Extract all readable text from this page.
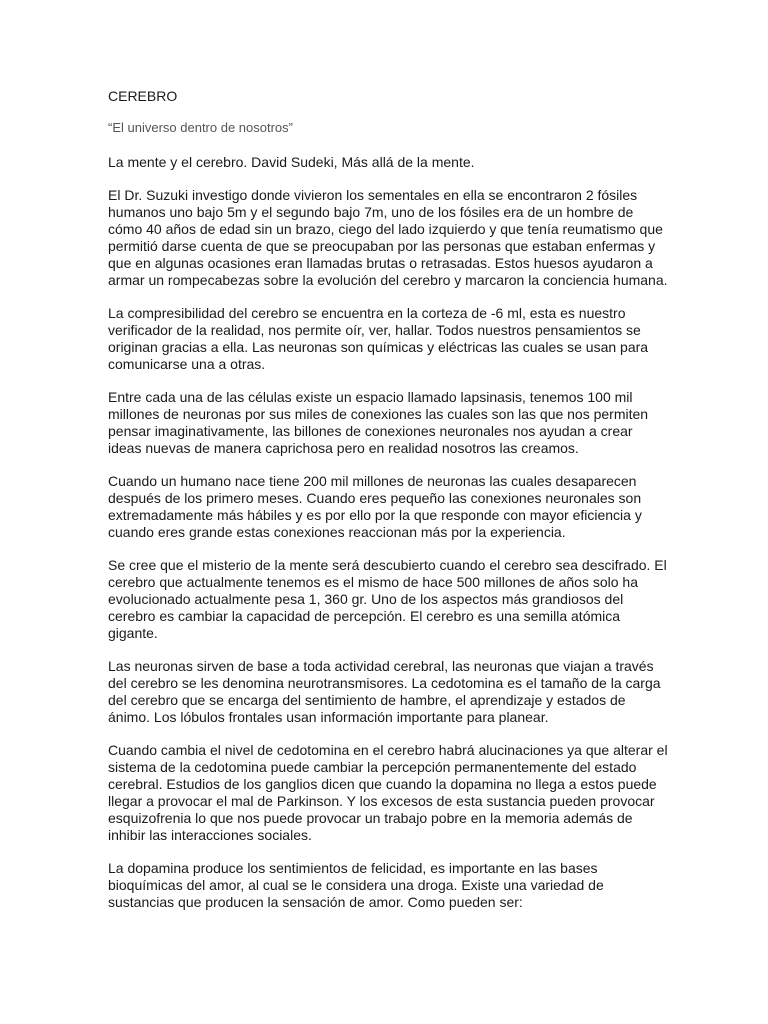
CEREBRO
“El universo dentro de nosotros”

La mente y el cerebro. David Sudeki, Más allá de la mente.

El Dr. Suzuki investigo donde vivieron los sementales en ella se encontraron 2 fósiles humanos uno bajo 5m y el segundo bajo 7m, uno de los fósiles era de un hombre de cómo 40 años de edad sin un brazo, ciego del lado izquierdo y que tenía reumatismo que permitió darse cuenta de que se preocupaban por las personas que estaban enfermas y que en algunas ocasiones eran llamadas brutas o retrasadas. Estos huesos ayudaron a armar un rompecabezas sobre la evolución del cerebro y marcaron la conciencia humana.

La compresibilidad del cerebro se encuentra en la corteza de -6 ml, esta es nuestro verificador de la realidad, nos permite oír, ver, hallar. Todos nuestros pensamientos se originan gracias a ella. Las neuronas son químicas y eléctricas las cuales se usan para comunicarse una a otras.

Entre cada una de las células existe un espacio llamado lapsinasis, tenemos 100 mil millones de neuronas por sus miles de conexiones las cuales son las que nos permiten pensar imaginativamente, las billones de conexiones neuronales nos ayudan a crear ideas nuevas de manera caprichosa pero en realidad nosotros las creamos.

Cuando un humano nace tiene 200 mil millones de neuronas las cuales desaparecen después de los primero meses. Cuando eres pequeño las conexiones neuronales son extremadamente más hábiles y es por ello por la que responde con mayor eficiencia y cuando eres grande estas conexiones reaccionan más por la experiencia.

Se cree que el misterio de la mente será descubierto cuando el cerebro sea descifrado. El cerebro que actualmente tenemos es el mismo de hace 500 millones de años solo ha evolucionado actualmente pesa 1, 360 gr. Uno de los aspectos más grandiosos del cerebro es cambiar la capacidad de percepción. El cerebro es una semilla atómica gigante.

Las neuronas sirven de base a toda actividad cerebral, las neuronas que viajan a través del cerebro se les denomina neurotransmisores. La cedotomina es el tamaño de la carga del cerebro que se encarga del sentimiento de hambre, el aprendizaje y estados de ánimo. Los lóbulos frontales usan información importante para planear.

Cuando cambia el nivel de cedotomina en el cerebro habrá alucinaciones ya que alterar el sistema de la cedotomina puede cambiar la percepción permanentemente del estado cerebral. Estudios de los ganglios dicen que cuando la dopamina no llega a estos puede llegar a provocar el mal de Parkinson. Y los excesos de esta sustancia pueden provocar esquizofrenia lo que nos puede provocar un trabajo pobre en la memoria además de inhibir las interacciones sociales.

La dopamina produce los sentimientos de felicidad, es importante en las bases bioquímicas del amor, al cual se le considera una droga. Existe una variedad de sustancias que producen la sensación de amor. Como pueden ser:
